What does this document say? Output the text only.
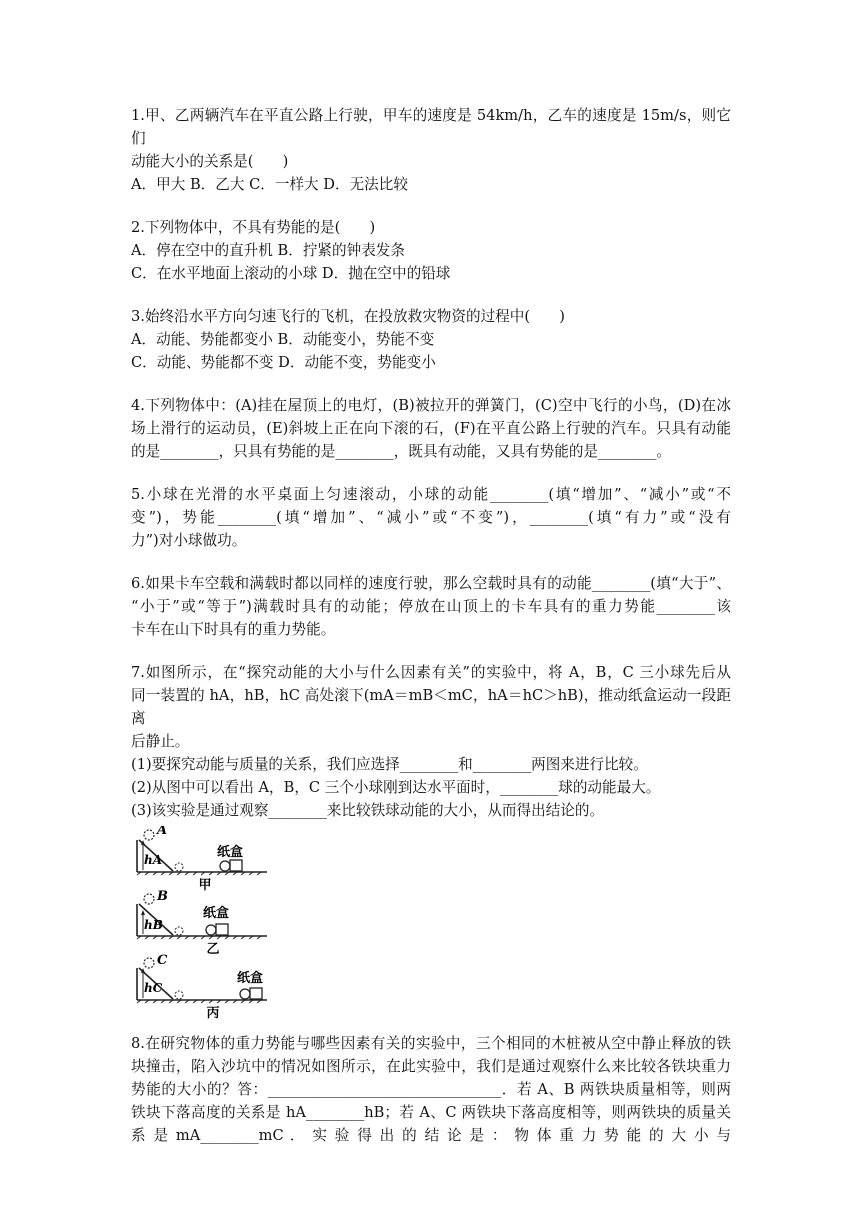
1.甲、乙两辆汽车在平直公路上行驶，甲车的速度是 54km/h，乙车的速度是 15m/s，则它们
动能大小的关系是(　　)
A．甲大 B．乙大 C．一样大 D．无法比较
2.下列物体中，不具有势能的是(　　)
A．停在空中的直升机 B．拧紧的钟表发条
C．在水平地面上滚动的小球 D．抛在空中的铅球
3.始终沿水平方向匀速飞行的飞机，在投放救灾物资的过程中(　　)
A．动能、势能都变小 B．动能变小，势能不变
C．动能、势能都不变 D．动能不变，势能变小
4.下列物体中：(A)挂在屋顶上的电灯，(B)被拉开的弹簧门，(C)空中飞行的小鸟，(D)在冰
场上滑行的运动员，(E)斜坡上正在向下滚的石，(F)在平直公路上行驶的汽车。只具有动能
的是________，只具有势能的是________，既具有动能，又具有势能的是________。
5.小球在光滑的水平桌面上匀速滚动，小球的动能________(填“增加”、“减小”或“不
变”)，势能________(填“增加”、“减小”或“不变”)，________(填“有力”或“没有
力”)对小球做功。
6.如果卡车空载和满载时都以同样的速度行驶，那么空载时具有的动能________(填“大于”、
“小于”或“等于”)满载时具有的动能；停放在山顶上的卡车具有的重力势能________该
卡车在山下时具有的重力势能。
7.如图所示，在“探究动能的大小与什么因素有关”的实验中，将 A，B，C 三小球先后从
同一装置的 hA，hB，hC 高处滚下(mA＝mB＜mC，hA＝hC＞hB)，推动纸盒运动一段距离
后静止。
(1)要探究动能与质量的关系，我们应选择________和________两图来进行比较。
(2)从图中可以看出 A，B，C 三个小球刚到达水平面时，________球的动能最大。
(3)该实验是通过观察________来比较铁球动能的大小，从而得出结论的。
A
hA	纸盒
甲
B
hB
纸盒
乙
C
hC
纸盒
丙
8.在研究物体的重力势能与哪些因素有关的实验中，三个相同的木桩被从空中静止释放的铁
块撞击，陷入沙坑中的情况如图所示，在此实验中，我们是通过观察什么来比较各铁块重力
势能的大小的？答：________________________________．若 A、B 两铁块质量相等，则两
铁块下落高度的关系是 hA________hB；若 A、C 两铁块下落高度相等，则两铁块的质量关
系 是 mA________mC ． 实 验 得 出 的 结 论 是 ： 物 体 重 力 势 能 的 大 小 与
